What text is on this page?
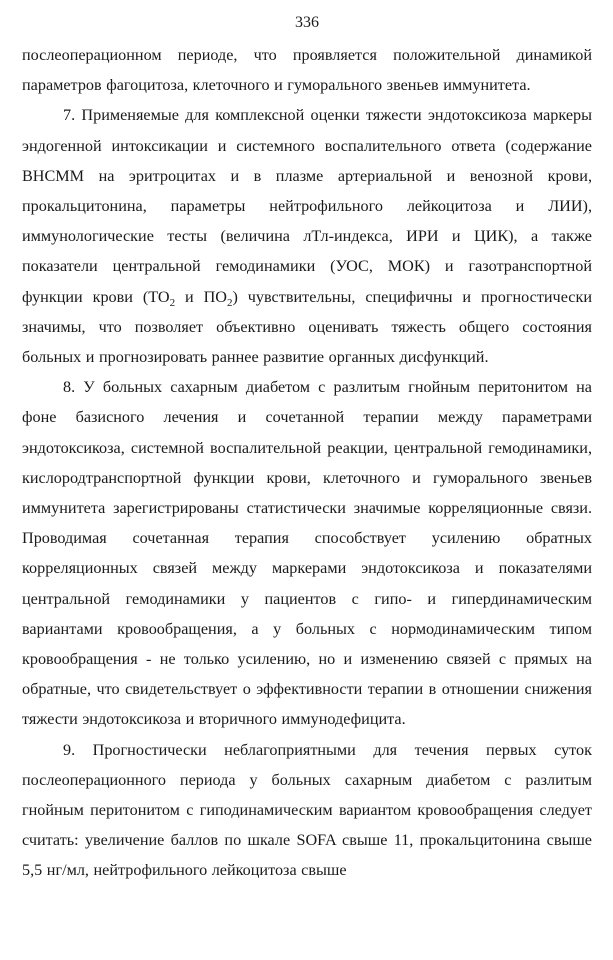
336

послеоперационном периоде, что проявляется положительной динамикой параметров фагоцитоза, клеточного и гуморального звеньев иммунитета.

7. Применяемые для комплексной оценки тяжести эндотоксикоза маркеры эндогенной интоксикации и системного воспалительного ответа (содержание ВНСММ на эритроцитах и в плазме артериальной и венозной крови, прокальцитонина, параметры нейтрофильного лейкоцитоза и ЛИИ), иммунологические тесты (величина лТл-индекса, ИРИ и ЦИК), а также показатели центральной гемодинамики (УОС, МОК) и газотранспортной функции крови ($ТО_2$ и $ПО_2$) чувствительны, специфичны и прогностически значимы, что позволяет объективно оценивать тяжесть общего состояния больных и прогнозировать раннее развитие органных дисфункций.

8. У больных сахарным диабетом с разлитым гнойным перитонитом на фоне базисного лечения и сочетанной терапии между параметрами эндотоксикоза, системной воспалительной реакции, центральной гемодинамики, кислородтранспортной функции крови, клеточного и гуморального звеньев иммунитета зарегистрированы статистически значимые корреляционные связи. Проводимая сочетанная терапия способствует усилению обратных корреляционных связей между маркерами эндотоксикоза и показателями центральной гемодинамики у пациентов с гипо- и гипердинамическим вариантами кровообращения, а у больных с нормодинамическим типом кровообращения - не только усилению, но и изменению связей с прямых на обратные, что свидетельствует о эффективности терапии в отношении снижения тяжести эндотоксикоза и вторичного иммунодефицита.

9. Прогностически неблагоприятными для течения первых суток послеоперационного периода у больных сахарным диабетом с разлитым гнойным перитонитом с гиподинамическим вариантом кровообращения следует считать: увеличение баллов по шкале SOFA свыше 11, прокальцитонина свыше 5,5 нг/мл, нейтрофильного лейкоцитоза свыше
